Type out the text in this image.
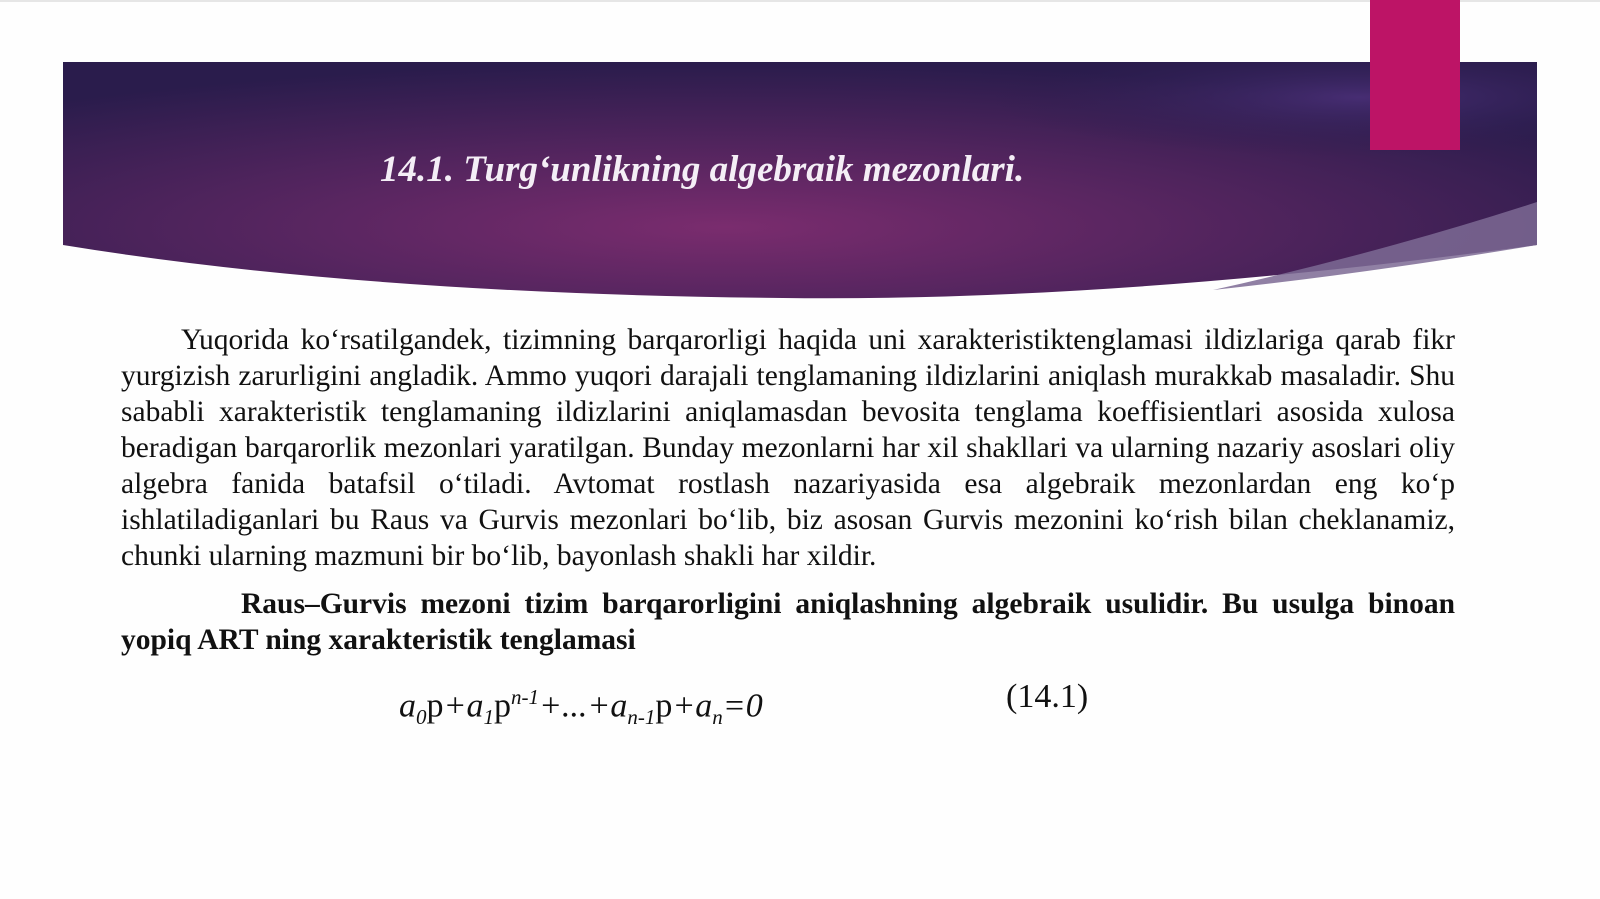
14.1. Turg‘unlikning algebraik mezonlari.

Yuqorida ko‘rsatilgandek, tizimning barqarorligi haqida uni xarakteristiktenglamasi ildizlariga qarab fikr yurgizish zarurligini angladik. Ammo yuqori darajali tenglamaning ildizlarini aniqlash murakkab masaladir. Shu sababli xarakteristik tenglamaning ildizlarini aniqlamasdan bevosita tenglama koeffisientlari asosida xulosa beradigan barqarorlik mezonlari yaratilgan. Bunday mezonlarni har xil shakllari va ularning nazariy asoslari oliy algebra fanida batafsil o‘tiladi. Avtomat rostlash nazariyasida esa algebraik mezonlardan eng ko‘p ishlatiladiganlari bu Raus va Gurvis mezonlari bo‘lib, biz asosan Gurvis mezonini ko‘rish bilan cheklanamiz, chunki ularning mazmuni bir bo‘lib, bayonlash shakli har xildir.

Raus–Gurvis mezoni tizim barqarorligini aniqlashning algebraik usulidir. Bu usulga binoan yopiq ART ning xarakteristik tenglamasi

$a_0p+a_1p^{n-1}+...+a_{n-1}p+a_n=0$	(14.1)
